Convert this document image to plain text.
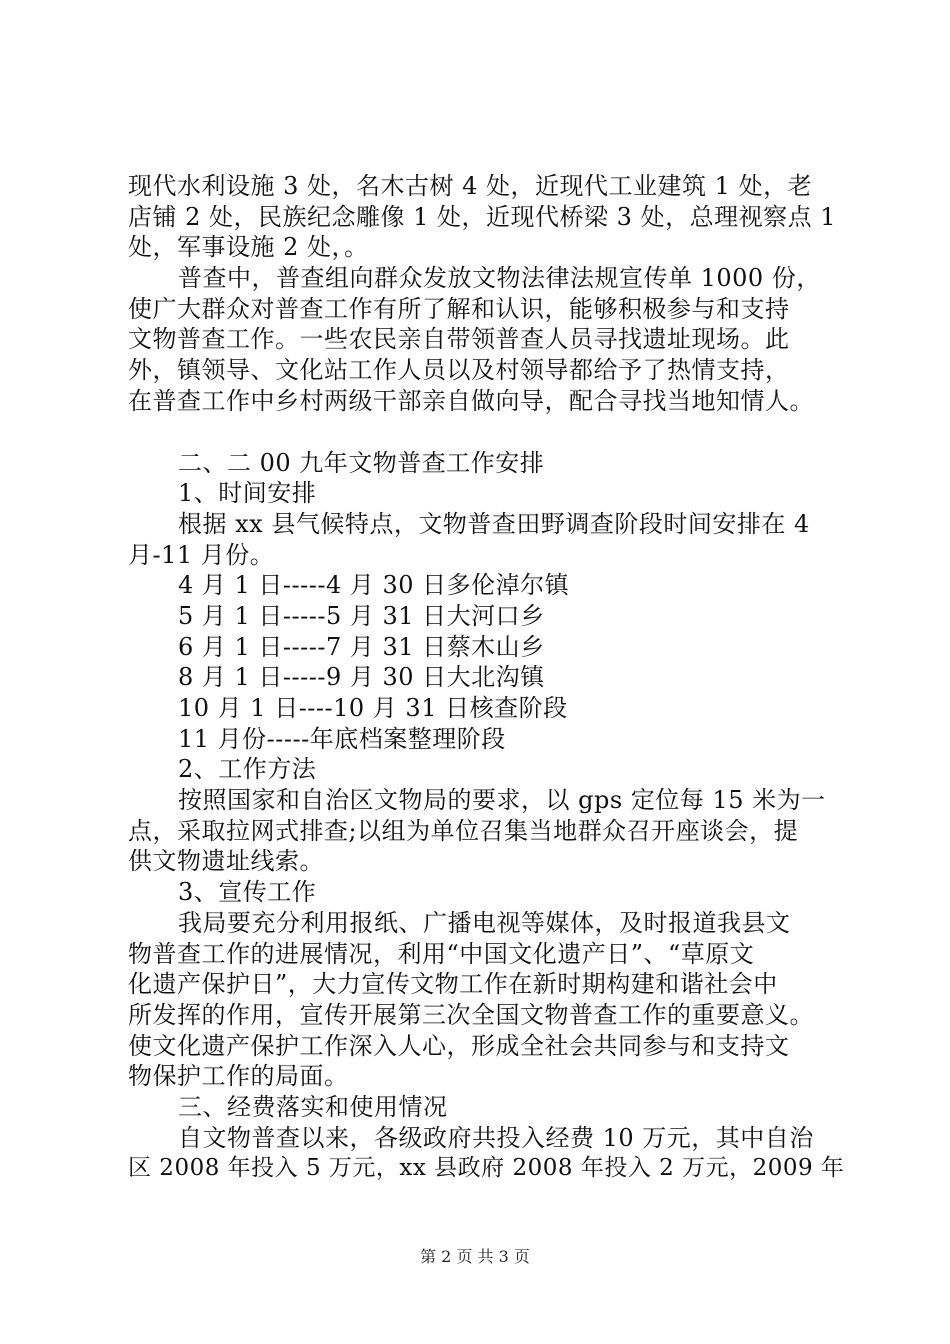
现代水利设施 3 处，名木古树 4 处，近现代工业建筑 1 处，老
店铺 2 处，民族纪念雕像 1 处，近现代桥梁 3 处，总理视察点 1
处，军事设施 2 处，。
普查中，普查组向群众发放文物法律法规宣传单 1000 份，
使广大群众对普查工作有所了解和认识，能够积极参与和支持
文物普查工作。一些农民亲自带领普查人员寻找遗址现场。此
外，镇领导、文化站工作人员以及村领导都给予了热情支持，
在普查工作中乡村两级干部亲自做向导，配合寻找当地知情人。
二、二 00 九年文物普查工作安排
1、时间安排
根据 xx 县气候特点，文物普查田野调查阶段时间安排在 4
月-11 月份。
4 月 1 日-----4 月 30 日多伦淖尔镇
5 月 1 日-----5 月 31 日大河口乡
6 月 1 日-----7 月 31 日蔡木山乡
8 月 1 日-----9 月 30 日大北沟镇
10 月 1 日----10 月 31 日核查阶段
11 月份-----年底档案整理阶段
2、工作方法
按照国家和自治区文物局的要求，以 gps 定位每 15 米为一
点，采取拉网式排查;以组为单位召集当地群众召开座谈会，提
供文物遗址线索。
3、宣传工作
我局要充分利用报纸、广播电视等媒体，及时报道我县文
物普查工作的进展情况，利用“中国文化遗产日”、“草原文
化遗产保护日”，大力宣传文物工作在新时期构建和谐社会中
所发挥的作用，宣传开展第三次全国文物普查工作的重要意义。
使文化遗产保护工作深入人心，形成全社会共同参与和支持文
物保护工作的局面。
三、经费落实和使用情况
自文物普查以来，各级政府共投入经费 10 万元，其中自治
区 2008 年投入 5 万元，xx 县政府 2008 年投入 2 万元，2009 年
第 2 页 共 3 页
